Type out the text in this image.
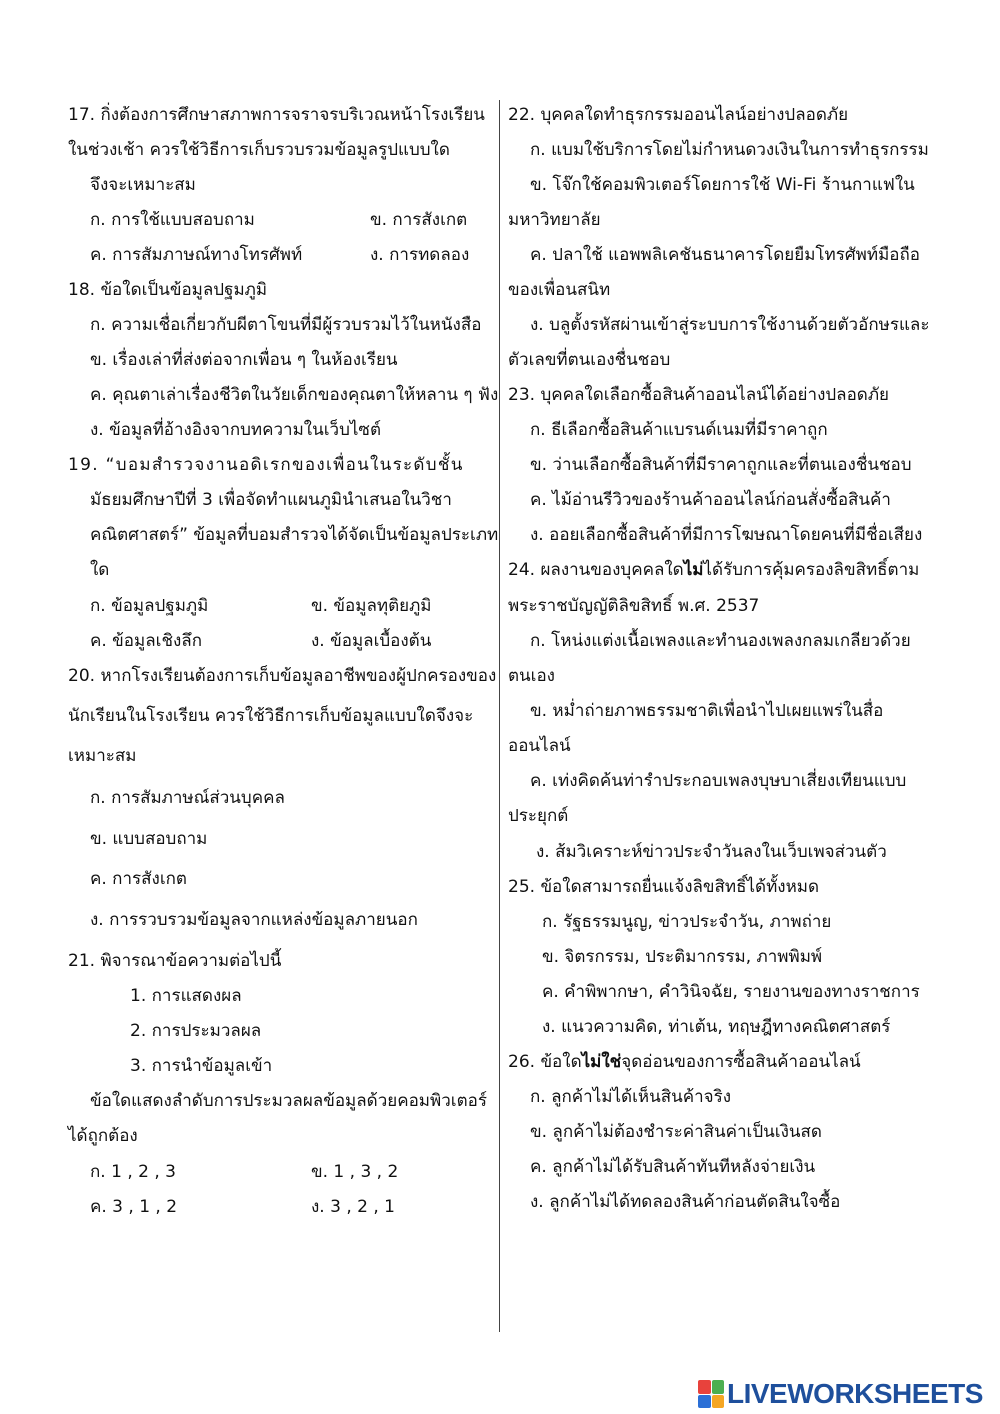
17. กิ่งต้องการศึกษาสภาพการจราจรบริเวณหน้าโรงเรียน
ในช่วงเช้า ควรใช้วิธีการเก็บรวบรวมข้อมูลรูปแบบใด
จึงจะเหมาะสม
ก. การใช้แบบสอบถาม	ข. การสังเกต
ค. การสัมภาษณ์ทางโทรศัพท์	ง. การทดลอง
18. ข้อใดเป็นข้อมูลปฐมภูมิ
ก. ความเชื่อเกี่ยวกับผีตาโขนที่มีผู้รวบรวมไว้ในหนังสือ
ข. เรื่องเล่าที่ส่งต่อจากเพื่อน ๆ ในห้องเรียน
ค. คุณตาเล่าเรื่องชีวิตในวัยเด็กของคุณตาให้หลาน ๆ ฟัง
ง. ข้อมูลที่อ้างอิงจากบทความในเว็บไซต์
19. “บอมสำรวจงานอดิเรกของเพื่อนในระดับชั้น
มัธยมศึกษาปีที่ 3 เพื่อจัดทำแผนภูมินำเสนอในวิชา
คณิตศาสตร์” ข้อมูลที่บอมสำรวจได้จัดเป็นข้อมูลประเภท
ใด
ก. ข้อมูลปฐมภูมิ	ข. ข้อมูลทุติยภูมิ
ค. ข้อมูลเชิงลึก	ง. ข้อมูลเบื้องต้น
20. หากโรงเรียนต้องการเก็บข้อมูลอาชีพของผู้ปกครองของ
นักเรียนในโรงเรียน ควรใช้วิธีการเก็บข้อมูลแบบใดจึงจะ
เหมาะสม
ก. การสัมภาษณ์ส่วนบุคคล
ข. แบบสอบถาม
ค. การสังเกต
ง. การรวบรวมข้อมูลจากแหล่งข้อมูลภายนอก
21. พิจารณาข้อความต่อไปนี้
1. การแสดงผล
2. การประมวลผล
3. การนำข้อมูลเข้า
ข้อใดแสดงลำดับการประมวลผลข้อมูลด้วยคอมพิวเตอร์
ได้ถูกต้อง
ก. 1 , 2 , 3	ข. 1 , 3 , 2
ค. 3 , 1 , 2	ง. 3 , 2 , 1
22. บุคคลใดทำธุรกรรมออนไลน์อย่างปลอดภัย
ก. แบมใช้บริการโดยไม่กำหนดวงเงินในการทำธุรกรรม
ข. โจ๊กใช้คอมพิวเตอร์โดยการใช้ Wi-Fi ร้านกาแฟใน
มหาวิทยาลัย
ค. ปลาใช้ แอพพลิเคชันธนาคารโดยยืมโทรศัพท์มือถือ
ของเพื่อนสนิท
ง. บลูตั้งรหัสผ่านเข้าสู่ระบบการใช้งานด้วยตัวอักษรและ
ตัวเลขที่ตนเองชื่นชอบ
23. บุคคลใดเลือกซื้อสินค้าออนไลน์ได้อย่างปลอดภัย
ก. ธีเลือกซื้อสินค้าแบรนด์เนมที่มีราคาถูก
ข. ว่านเลือกซื้อสินค้าที่มีราคาถูกและที่ตนเองชื่นชอบ
ค. ไม้อ่านรีวิวของร้านค้าออนไลน์ก่อนสั่งซื้อสินค้า
ง. ออยเลือกซื้อสินค้าที่มีการโฆษณาโดยคนที่มีชื่อเสียง
24. ผลงานของบุคคลใดไม่ได้รับการคุ้มครองลิขสิทธิ์ตาม
พระราชบัญญัติลิขสิทธิ์ พ.ศ. 2537
ก. โหน่งแต่งเนื้อเพลงและทำนองเพลงกลมเกลียวด้วย
ตนเอง
ข. หม่ำถ่ายภาพธรรมชาติเพื่อนำไปเผยแพร่ในสื่อ
ออนไลน์
ค. เท่งคิดค้นท่ารำประกอบเพลงบุษบาเสี่ยงเทียนแบบ
ประยุกต์
ง. ส้มวิเคราะห์ข่าวประจำวันลงในเว็บเพจส่วนตัว
25. ข้อใดสามารถยื่นแจ้งลิขสิทธิ์ได้ทั้งหมด
ก. รัฐธรรมนูญ, ข่าวประจำวัน, ภาพถ่าย
ข. จิตรกรรม, ประติมากรรม, ภาพพิมพ์
ค. คำพิพากษา, คำวินิจฉัย, รายงานของทางราชการ
ง. แนวความคิด, ท่าเต้น, ทฤษฎีทางคณิตศาสตร์
26. ข้อใดไม่ใช่จุดอ่อนของการซื้อสินค้าออนไลน์
ก. ลูกค้าไม่ได้เห็นสินค้าจริง
ข. ลูกค้าไม่ต้องชำระค่าสินค่าเป็นเงินสด
ค. ลูกค้าไม่ได้รับสินค้าทันทีหลังจ่ายเงิน
ง. ลูกค้าไม่ได้ทดลองสินค้าก่อนตัดสินใจซื้อ
LIVEWORKSHEETS
